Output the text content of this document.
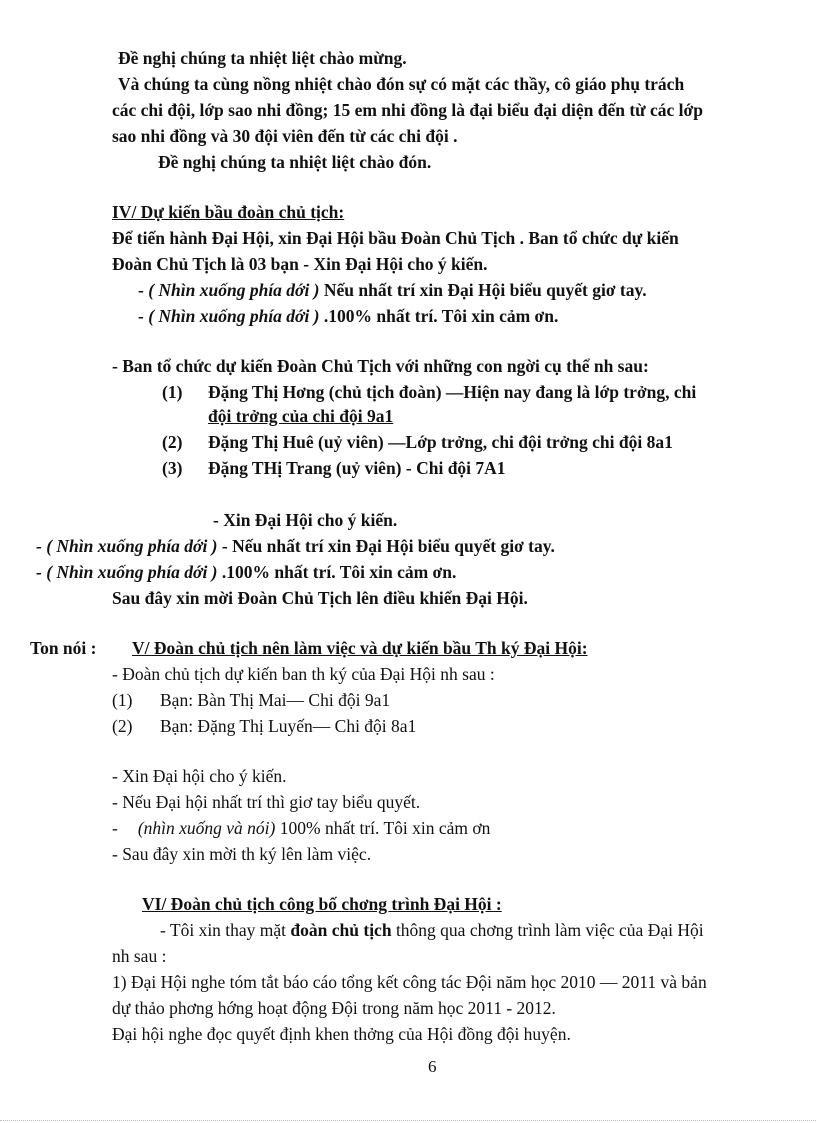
Đề nghị chúng ta nhiệt liệt chào mừng.
Và chúng ta cùng nồng nhiệt chào đón sự có mặt các thầy, cô giáo phụ trách
các chi đội, lớp sao nhi đồng; 15 em nhi đồng là đại biểu đại diện đến từ các lớp
sao nhi đồng và 30 đội viên đến từ các chi đội .
Đề nghị chúng ta nhiệt liệt chào đón.
IV/ Dự kiến bầu đoàn chủ tịch:
Để tiến hành Đại Hội, xin Đại Hội bầu Đoàn Chủ Tịch . Ban tổ chức dự kiến
Đoàn Chủ Tịch là 03 bạn - Xin Đại Hội cho ý kiến.
- ( Nhìn xuống phía dới ) Nếu nhất trí xin Đại Hội biểu quyết giơ tay.
- ( Nhìn xuống phía dới ) .100% nhất trí. Tôi xin cảm ơn.
- Ban tổ chức dự kiến Đoàn Chủ Tịch với những con ngời cụ thể nh sau:
(1) Đặng Thị Hơng (chủ tịch đoàn) —Hiện nay đang là lớp trởng, chi
đội trởng của chi đội 9a1
(2) Đặng Thị Huê (uỷ viên) —Lớp trởng, chi đội trởng chi đội 8a1
(3) Đặng THị Trang (uỷ viên) - Chi đội 7A1
- Xin Đại Hội cho ý kiến.
- ( Nhìn xuống phía dới ) - Nếu nhất trí xin Đại Hội biểu quyết giơ tay.
- ( Nhìn xuống phía dới ) .100% nhất trí. Tôi xin cảm ơn.
Sau đây xin mời Đoàn Chủ Tịch lên điều khiển Đại Hội.
Ton nói : V/ Đoàn chủ tịch nên làm việc và dự kiến bầu Th ký Đại Hội:
- Đoàn chủ tịch dự kiến ban th ký của Đại Hội nh sau :
(1) Bạn: Bàn Thị Mai— Chi đội 9a1
(2) Bạn: Đặng Thị Luyến— Chi đội 8a1
- Xin Đại hội cho ý kiến.
- Nếu Đại hội nhất trí thì giơ tay biểu quyết.
- (nhìn xuống và nói) 100% nhất trí. Tôi xin cảm ơn
- Sau đây xin mời th ký lên làm việc.
VI/ Đoàn chủ tịch công bố chơng trình Đại Hội :
- Tôi xin thay mặt đoàn chủ tịch thông qua chơng trình làm việc của Đại Hội
nh sau :
1) Đại Hội nghe tóm tắt báo cáo tổng kết công tác Đội năm học 2010 — 2011 và bản
dự thảo phơng hớng hoạt động Đội trong năm học 2011 - 2012.
Đại hội nghe đọc quyết định khen thởng của Hội đồng đội huyện.
6
